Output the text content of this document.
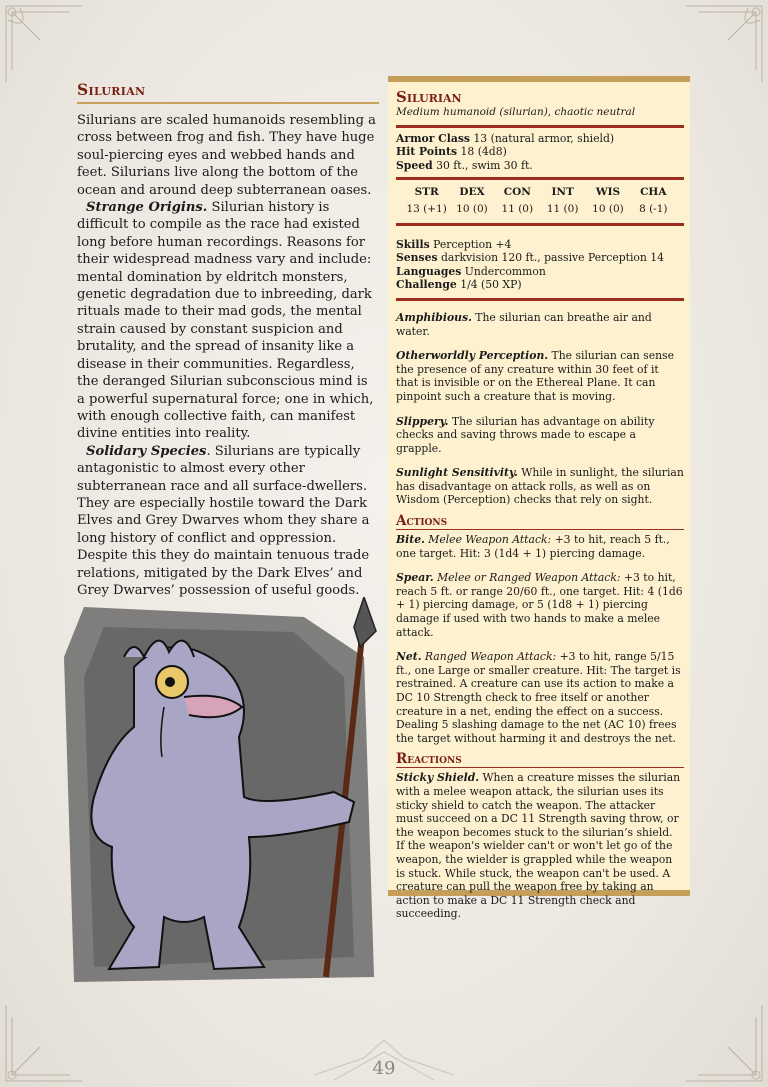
Silurian

Silurians are scaled humanoids resembling a cross between frog and fish. They have huge soul-piercing eyes and webbed hands and feet. Silurians live along the bottom of the ocean and around deep subterranean oases.

Strange Origins. Silurian history is difficult to compile as the race had existed long before human recordings. Reasons for their widespread madness vary and include: mental domination by eldritch monsters, genetic degradation due to inbreeding, dark rituals made to their mad gods, the mental strain caused by constant suspicion and brutality, and the spread of insanity like a disease in their communities. Regardless, the deranged Silurian subconscious mind is a powerful supernatural force; one in which, with enough collective faith, can manifest divine entities into reality.

Solidary Species. Silurians are typically antagonistic to almost every other subterranean race and all surface-dwellers. They are especially hostile toward the Dark Elves and Grey Dwarves whom they share a long history of conflict and oppression. Despite this they do maintain tenuous trade relations, mitigated by the Dark Elves’ and Grey Dwarves’ possession of useful goods.

Silurian

Medium humanoid (silurian), chaotic neutral

Armor Class 13 (natural armor, shield)

Hit Points 18 (4d8)

Speed 30 ft., swim 30 ft.

STR
13 (+1)
DEX
10 (0)
CON
11 (0)
INT
11 (0)
WIS
10 (0)
CHA
8 (-1)

Skills Perception +4

Senses darkvision 120 ft., passive Perception 14

Languages Undercommon

Challenge 1/4 (50 XP)

Amphibious. The silurian can breathe air and water.

Otherworldly Perception. The silurian can sense the presence of any creature within 30 feet of it that is invisible or on the Ethereal Plane. It can pinpoint such a creature that is moving.

Slippery. The silurian has advantage on ability checks and saving throws made to escape a grapple.

Sunlight Sensitivity. While in sunlight, the silurian has disadvantage on attack rolls, as well as on Wisdom (Perception) checks that rely on sight.

Actions

Bite. Melee Weapon Attack: +3 to hit, reach 5 ft., one target. Hit: 3 (1d4 + 1) piercing damage.

Spear. Melee or Ranged Weapon Attack: +3 to hit, reach 5 ft. or range 20/60 ft., one target. Hit: 4 (1d6 + 1) piercing damage, or 5 (1d8 + 1) piercing damage if used with two hands to make a melee attack.

Net. Ranged Weapon Attack: +3 to hit, range 5/15 ft., one Large or smaller creature. Hit: The target is restrained. A creature can use its action to make a DC 10 Strength check to free itself or another creature in a net, ending the effect on a success. Dealing 5 slashing damage to the net (AC 10) frees the target without harming it and destroys the net.

Reactions

Sticky Shield. When a creature misses the silurian with a melee weapon attack, the silurian uses its sticky shield to catch the weapon. The attacker must succeed on a DC 11 Strength saving throw, or the weapon becomes stuck to the silurian’s shield. If the weapon's wielder can't or won't let go of the weapon, the wielder is grappled while the weapon is stuck. While stuck, the weapon can't be used. A creature can pull the weapon free by taking an action to make a DC 11 Strength check and succeeding.

49
